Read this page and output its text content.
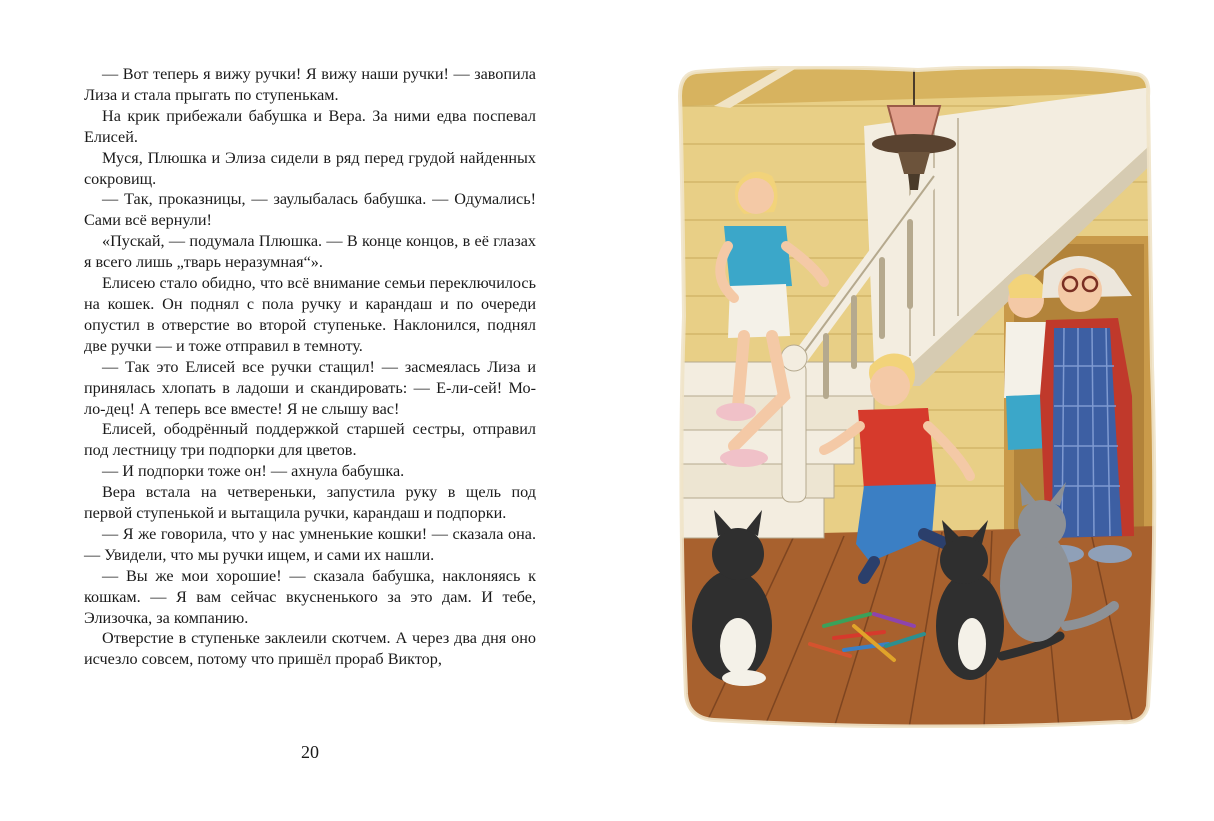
— Вот теперь я вижу ручки! Я вижу наши ручки! — завопила Лиза и стала прыгать по ступенькам.

На крик прибежали бабушка и Вера. За ними едва поспевал Елисей.

Муся, Плюшка и Элиза сидели в ряд перед грудой найденных сокровищ.

— Так, проказницы, — заулыбалась бабушка. — Одумались! Сами всё вернули!

«Пускай, — подумала Плюшка. — В конце концов, в её глазах я всего лишь „тварь неразумная“».

Елисею стало обидно, что всё внимание семьи переключилось на кошек. Он поднял с пола ручку и карандаш и по очереди опустил в отверстие во второй ступеньке. Наклонился, поднял две ручки — и тоже отправил в темноту.

— Так это Елисей все ручки стащил! — засмеялась Лиза и принялась хлопать в ладоши и скандировать: — Е-ли-сей! Мо-ло-дец! А теперь все вместе! Я не слышу вас!

Елисей, ободрённый поддержкой старшей сестры, отправил под лестницу три подпорки для цветов.

— И подпорки тоже он! — ахнула бабушка.

Вера встала на четвереньки, запустила руку в щель под первой ступенькой и вытащила ручки, карандаш и подпорки.

— Я же говорила, что у нас умненькие кошки! — сказала она. — Увидели, что мы ручки ищем, и сами их нашли.

— Вы же мои хорошие! — сказала бабушка, наклоняясь к кошкам. — Я вам сейчас вкусненького за это дам. И тебе, Элизочка, за компанию.

Отверстие в ступеньке заклеили скотчем. А через два дня оно исчезло совсем, потому что пришёл прораб Виктор,

20
